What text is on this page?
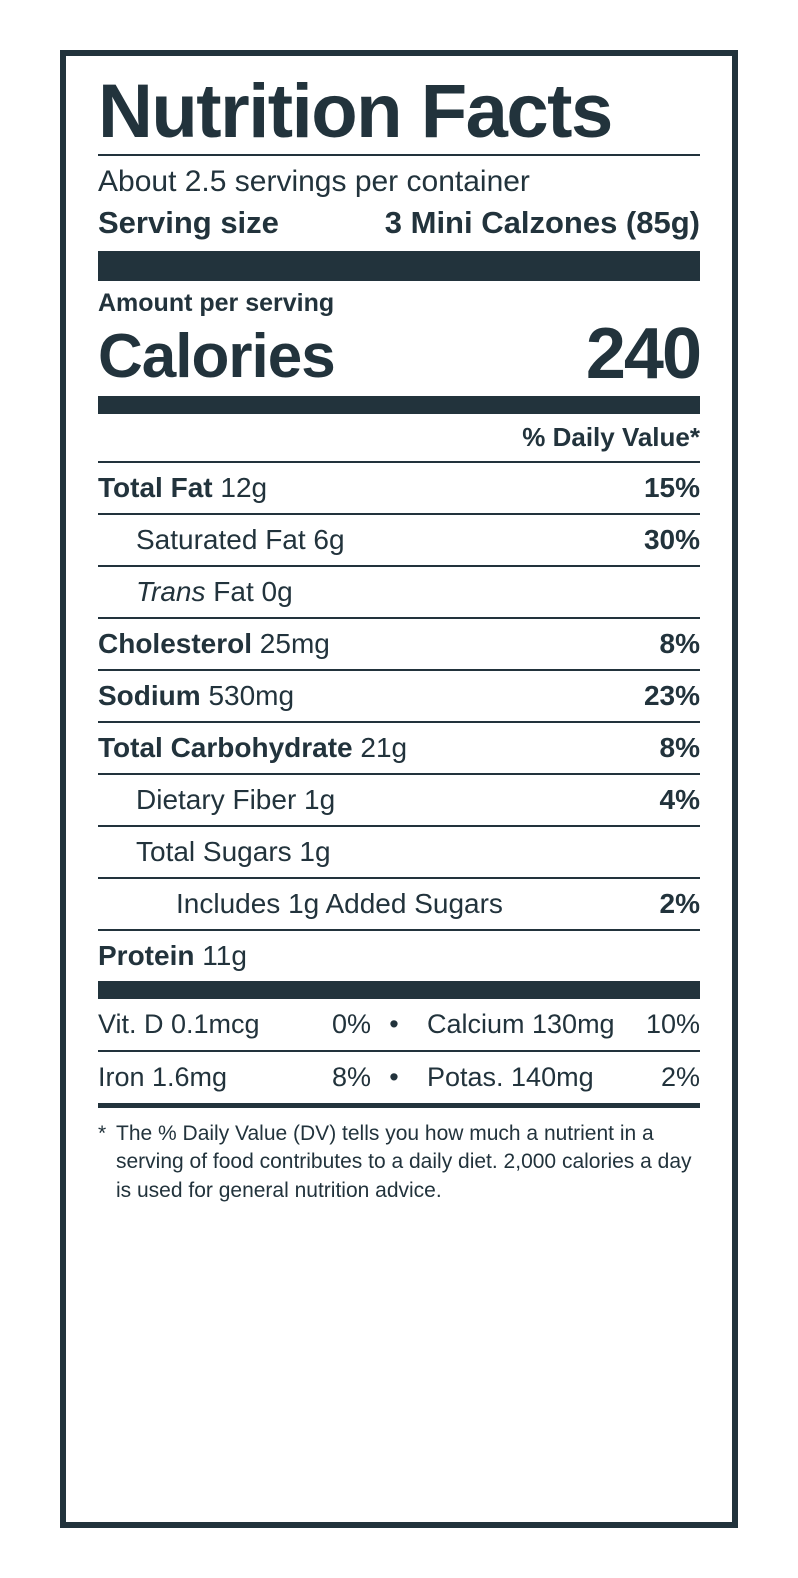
Nutrition Facts
About 2.5 servings per container
Serving size	3 Mini Calzones (85g)
Amount per serving
Calories	240
% Daily Value*
Total Fat 12g	15%
Saturated Fat 6g	30%
Trans Fat 0g
Cholesterol 25mg	8%
Sodium 530mg	23%
Total Carbohydrate 21g	8%
Dietary Fiber 1g	4%
Total Sugars 1g
Includes 1g Added Sugars	2%
Protein 11g
Vit. D 0.1mcg	0% • Calcium 130mg 10%
Iron 1.6mg	8% • Potas. 140mg 2%
* The % Daily Value (DV) tells you how much a nutrient in a serving of food contributes to a daily diet. 2,000 calories a day is used for general nutrition advice.
